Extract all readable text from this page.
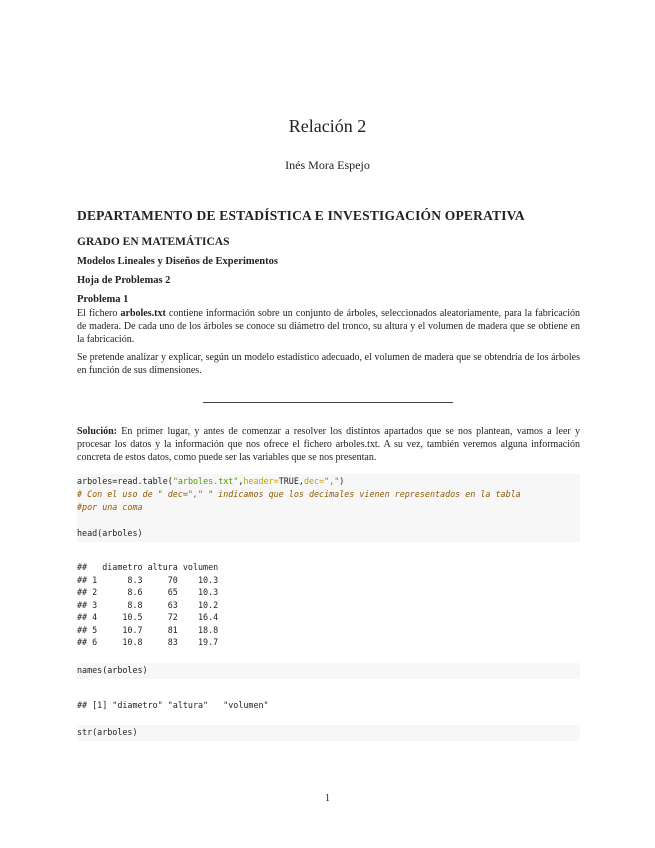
Relación 2
Inés Mora Espejo
DEPARTAMENTO DE ESTADÍSTICA E INVESTIGACIÓN OPERATIVA
GRADO EN MATEMÁTICAS
Modelos Lineales y Diseños de Experimentos
Hoja de Problemas 2
Problema 1

El fichero arboles.txt contiene información sobre un conjunto de árboles, seleccionados aleatoriamente, para la fabricación de madera. De cada uno de los árboles se conoce su diámetro del tronco, su altura y el volumen de madera que se obtiene en la fabricación.

Se pretende analizar y explicar, según un modelo estadístico adecuado, el volumen de madera que se obtendría de los árboles en función de sus dimensiones.

Solución: En primer lugar, y antes de comenzar a resolver los distintos apartados que se nos plantean, vamos a leer y procesar los datos y la información que nos ofrece el fichero arboles.txt. A su vez, también veremos alguna información concreta de estos datos, como puede ser las variables que se nos presentan.

arboles=read.table("arboles.txt",header=TRUE,dec=",")
# Con el uso de " dec="," " indicamos que los decimales vienen representados en la tabla
#por una coma
head(arboles)
##   diametro altura volumen
## 1      8.3     70    10.3
## 2      8.6     65    10.3
## 3      8.8     63    10.2
## 4     10.5     72    16.4
## 5     10.7     81    18.8
## 6     10.8     83    19.7
names(arboles)
## [1] "diametro" "altura"   "volumen"
str(arboles)
1
